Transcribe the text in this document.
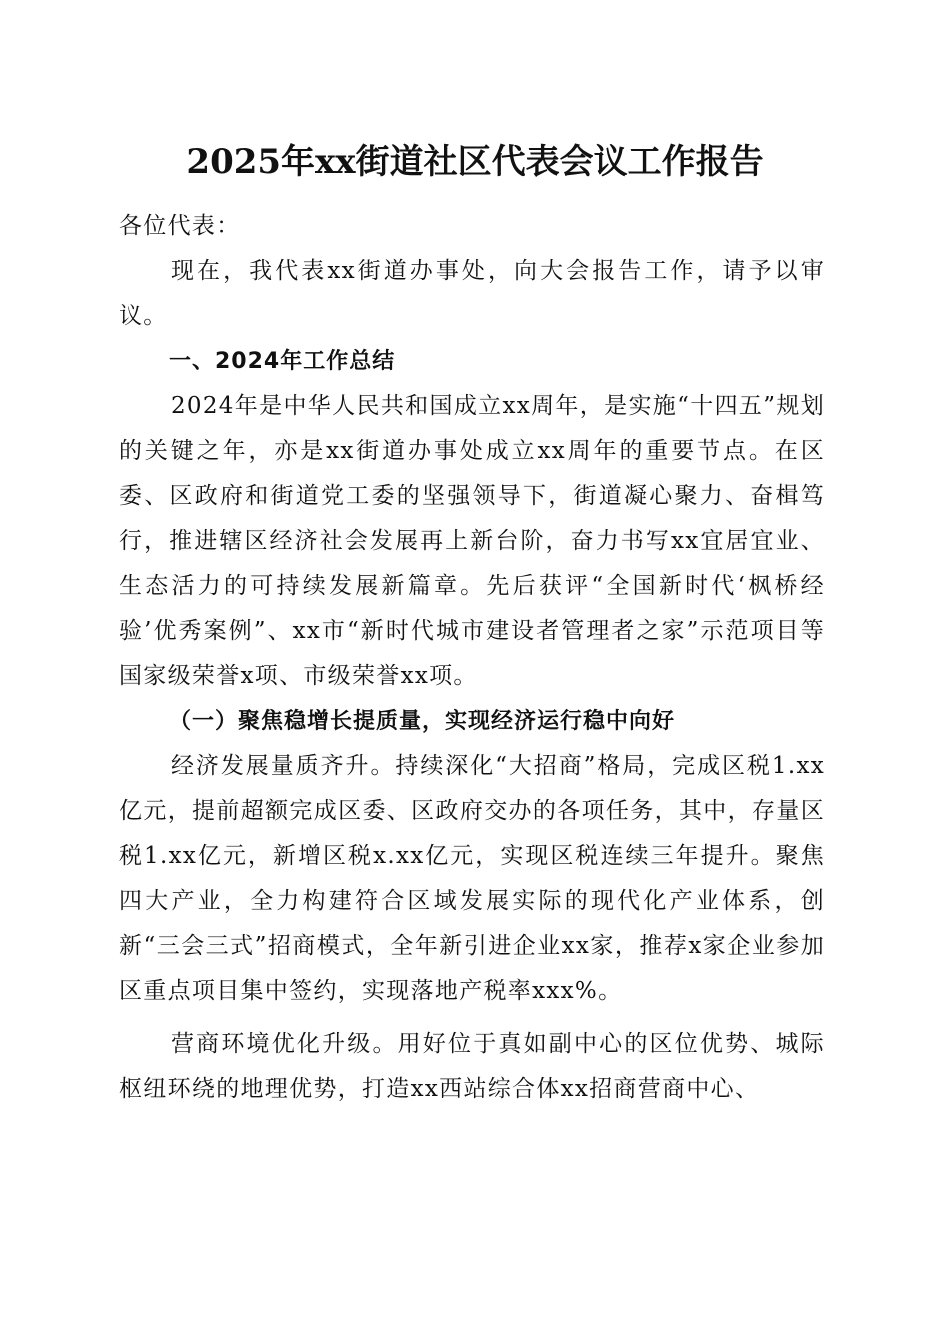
2025年xx街道社区代表会议工作报告

各位代表：

现在，我代表xx街道办事处，向大会报告工作，请予以审议。

一、2024年工作总结

2024年是中华人民共和国成立xx周年，是实施“十四五”规划的关键之年，亦是xx街道办事处成立xx周年的重要节点。在区委、区政府和街道党工委的坚强领导下，街道凝心聚力、奋楫笃行，推进辖区经济社会发展再上新台阶，奋力书写xx宜居宜业、生态活力的可持续发展新篇章。先后获评“全国新时代‘枫桥经验’优秀案例”、xx市“新时代城市建设者管理者之家”示范项目等国家级荣誉x项、市级荣誉xx项。

（一）聚焦稳增长提质量，实现经济运行稳中向好

经济发展量质齐升。持续深化“大招商”格局，完成区税1.xx亿元，提前超额完成区委、区政府交办的各项任务，其中，存量区税1.xx亿元，新增区税x.xx亿元，实现区税连续三年提升。聚焦四大产业，全力构建符合区域发展实际的现代化产业体系，创新“三会三式”招商模式，全年新引进企业xx家，推荐x家企业参加区重点项目集中签约，实现落地产税率xxx%。

营商环境优化升级。用好位于真如副中心的区位优势、城际枢纽环绕的地理优势，打造xx西站综合体xx招商营商中心、
